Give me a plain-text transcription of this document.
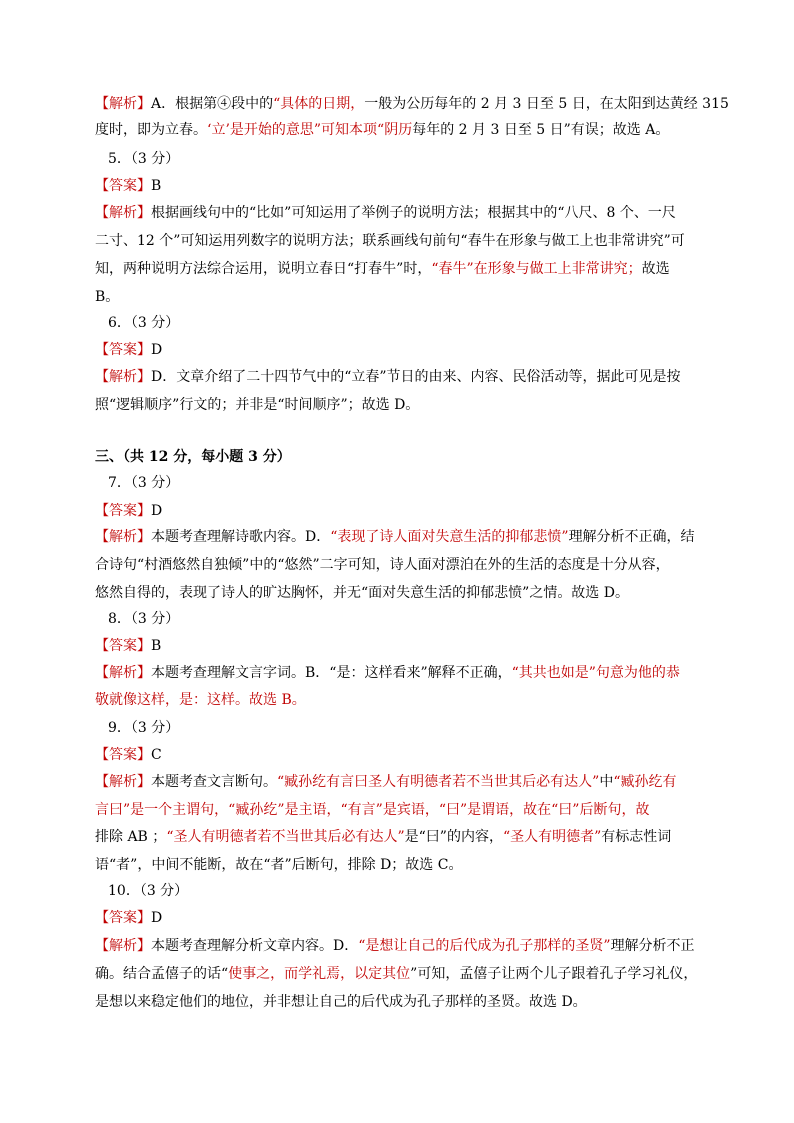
【解析】A．根据第④段中的“具体的日期，一般为公历每年的 2 月 3 日至 5 日，在太阳到达黄经 315
度时，即为立春。‘立’是开始的意思”可知本项“阴历每年的 2 月 3 日至 5 日”有误；故选 A。
5．（3 分）
【答案】B
【解析】根据画线句中的“比如”可知运用了举例子的说明方法；根据其中的“八尺、8 个、一尺
二寸、12 个”可知运用列数字的说明方法；联系画线句前句“春牛在形象与做工上也非常讲究”可
知，两种说明方法综合运用，说明立春日“打春牛”时，“春牛”在形象与做工上非常讲究；故选
B。
6．（3 分）
【答案】D
【解析】D．文章介绍了二十四节气中的“立春”节日的由来、内容、民俗活动等，据此可见是按
照“逻辑顺序”行文的；并非是“时间顺序”；故选 D。
三、（共 12 分，每小题 3 分）
7．（3 分）
【答案】D
【解析】本题考查理解诗歌内容。D．“表现了诗人面对失意生活的抑郁悲愤”理解分析不正确，结
合诗句“村酒悠然自独倾”中的“悠然”二字可知，诗人面对漂泊在外的生活的态度是十分从容，
悠然自得的，表现了诗人的旷达胸怀，并无“面对失意生活的抑郁悲愤”之情。故选 D。
8．（3 分）
【答案】B
【解析】本题考查理解文言字词。B．“是：这样看来”解释不正确，“其共也如是”句意为他的恭
敬就像这样，是：这样。故选 B。
9．（3 分）
【答案】C
【解析】本题考查文言断句。“臧孙纥有言曰圣人有明德者若不当世其后必有达人”中“臧孙纥有
言曰”是一个主谓句，“臧孙纥”是主语，“有言”是宾语，“曰”是谓语，故在“曰”后断句，故
排除 AB ；“圣人有明德者若不当世其后必有达人”是“曰”的内容，“圣人有明德者”有标志性词
语“者”，中间不能断，故在“者”后断句，排除 D；故选 C。
10．（3 分）
【答案】D
【解析】本题考查理解分析文章内容。D．“是想让自己的后代成为孔子那样的圣贤”理解分析不正
确。结合孟僖子的话“使事之，而学礼焉，以定其位”可知，孟僖子让两个儿子跟着孔子学习礼仪，
是想以来稳定他们的地位，并非想让自己的后代成为孔子那样的圣贤。故选 D。
